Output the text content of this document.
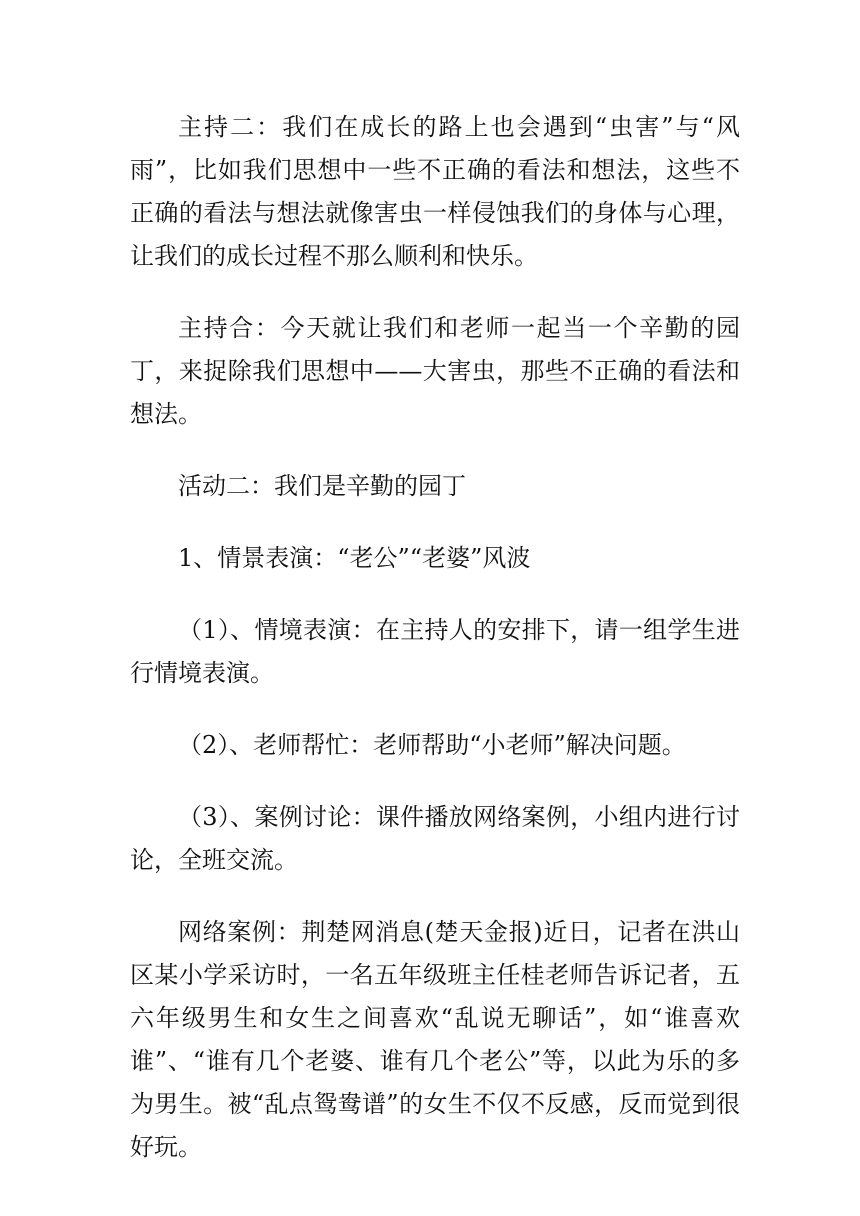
主持二：我们在成长的路上也会遇到“虫害”与“风雨”，比如我们思想中一些不正确的看法和想法，这些不正确的看法与想法就像害虫一样侵蚀我们的身体与心理，让我们的成长过程不那么顺利和快乐。

主持合：今天就让我们和老师一起当一个辛勤的园丁，来捉除我们思想中——大害虫，那些不正确的看法和想法。

活动二：我们是辛勤的园丁

1、情景表演：“老公”“老婆”风波

（1）、情境表演：在主持人的安排下，请一组学生进行情境表演。

（2）、老师帮忙：老师帮助“小老师”解决问题。

（3）、案例讨论：课件播放网络案例，小组内进行讨论，全班交流。

网络案例：荆楚网消息(楚天金报)近日，记者在洪山区某小学采访时，一名五年级班主任桂老师告诉记者，五六年级男生和女生之间喜欢“乱说无聊话”，如“谁喜欢谁”、“谁有几个老婆、谁有几个老公”等，以此为乐的多为男生。被“乱点鸳鸯谱”的女生不仅不反感，反而觉到很好玩。
